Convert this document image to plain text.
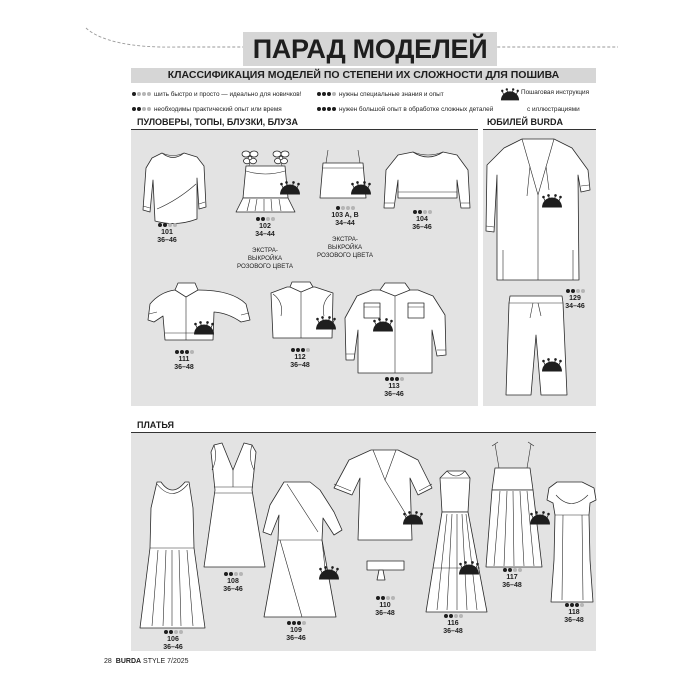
ПАРАД МОДЕЛЕЙ
КЛАССИФИКАЦИЯ МОДЕЛЕЙ ПО СТЕПЕНИ ИХ СЛОЖНОСТИ ДЛЯ ПОШИВА
шить быстро и просто — идеально для новичков!
необходимы практический опыт или время
нужны специальные знания и опыт
нужен большой опыт в обработке сложных деталей
Пошаговая инструкция
с иллюстрациями
ПУЛОВЕРЫ, ТОПЫ, БЛУЗКИ, БЛУЗА	ЮБИЛЕЙ BURDA
ПЛАТЬЯ
101
36–46
102
34–44
ЭКСТРА-
ВЫКРОЙКА
РОЗОВОГО ЦВЕТА
103 A, B
34–44
ЭКСТРА-
ВЫКРОЙКА
РОЗОВОГО ЦВЕТА
104
36–46
111
36–48
112
36–48
113
36–46
129
34–46
106
36–46
108
36–46
109
36–46
110
36–48
116
36–48
117
36–48
118
36–48
28 BURDA STYLE 7/2025
